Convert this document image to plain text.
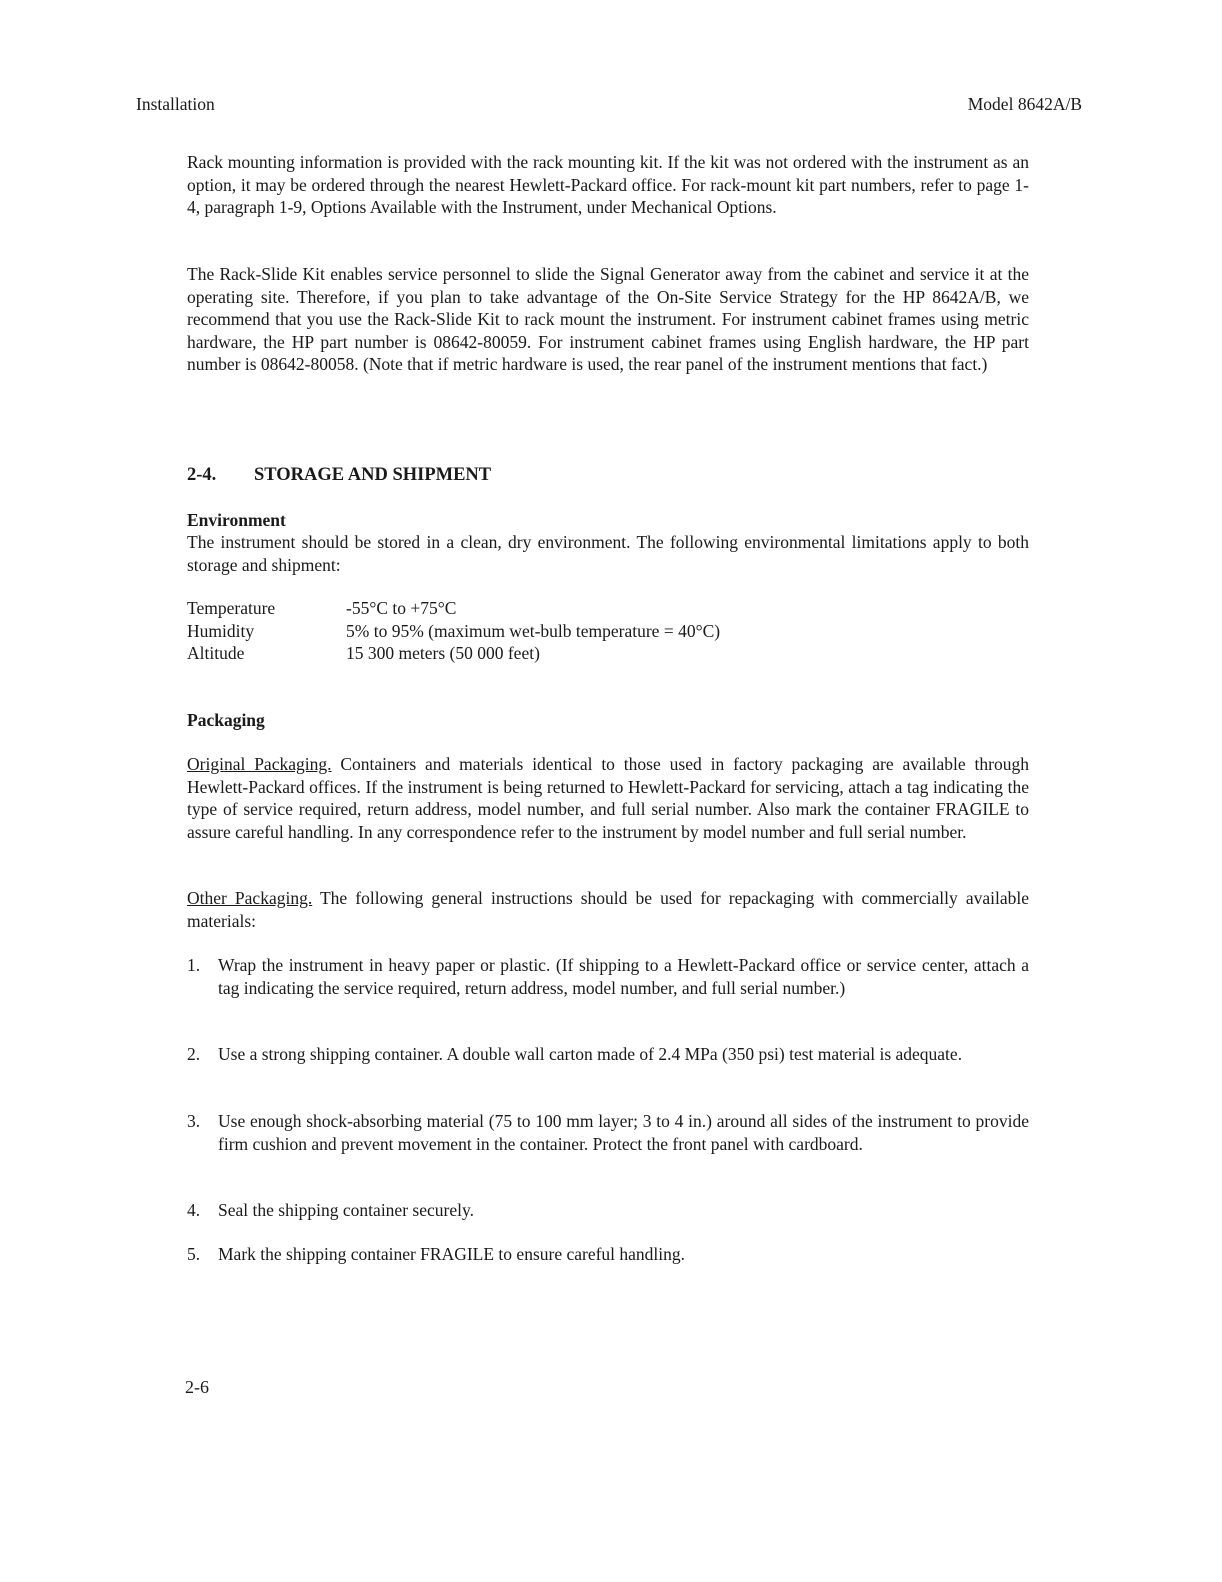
Installation	Model 8642A/B

Rack mounting information is provided with the rack mounting kit. If the kit was not ordered with the instrument as an option, it may be ordered through the nearest Hewlett-Packard office. For rack-mount kit part numbers, refer to page 1-4, paragraph 1-9, Options Available with the Instrument, under Mechanical Options.

The Rack-Slide Kit enables service personnel to slide the Signal Generator away from the cabinet and service it at the operating site. Therefore, if you plan to take advantage of the On-Site Service Strategy for the HP 8642A/B, we recommend that you use the Rack-Slide Kit to rack mount the instrument. For instrument cabinet frames using metric hardware, the HP part number is 08642-80059. For instrument cabinet frames using English hardware, the HP part number is 08642-80058. (Note that if metric hardware is used, the rear panel of the instrument mentions that fact.)

2-4. STORAGE AND SHIPMENT
Environment

The instrument should be stored in a clean, dry environment. The following environmental limitations apply to both storage and shipment:

Temperature	-55°C to +75°C
Humidity	5% to 95% (maximum wet-bulb temperature = 40°C)
Altitude	15 300 meters (50 000 feet)
Packaging

Original Packaging. Containers and materials identical to those used in factory packaging are available through Hewlett-Packard offices. If the instrument is being returned to Hewlett-Packard for servicing, attach a tag indicating the type of service required, return address, model number, and full serial number. Also mark the container FRAGILE to assure careful handling. In any correspondence refer to the instrument by model number and full serial number.

Other Packaging. The following general instructions should be used for repackaging with commercially available materials:

1.	Wrap the instrument in heavy paper or plastic. (If shipping to a Hewlett-Packard office or service center, attach a tag indicating the service required, return address, model number, and full serial number.)
2.	Use a strong shipping container. A double wall carton made of 2.4 MPa (350 psi) test material is adequate.
3.	Use enough shock-absorbing material (75 to 100 mm layer; 3 to 4 in.) around all sides of the instrument to provide firm cushion and prevent movement in the container. Protect the front panel with cardboard.
4.	Seal the shipping container securely.
5.	Mark the shipping container FRAGILE to ensure careful handling.
2-6
